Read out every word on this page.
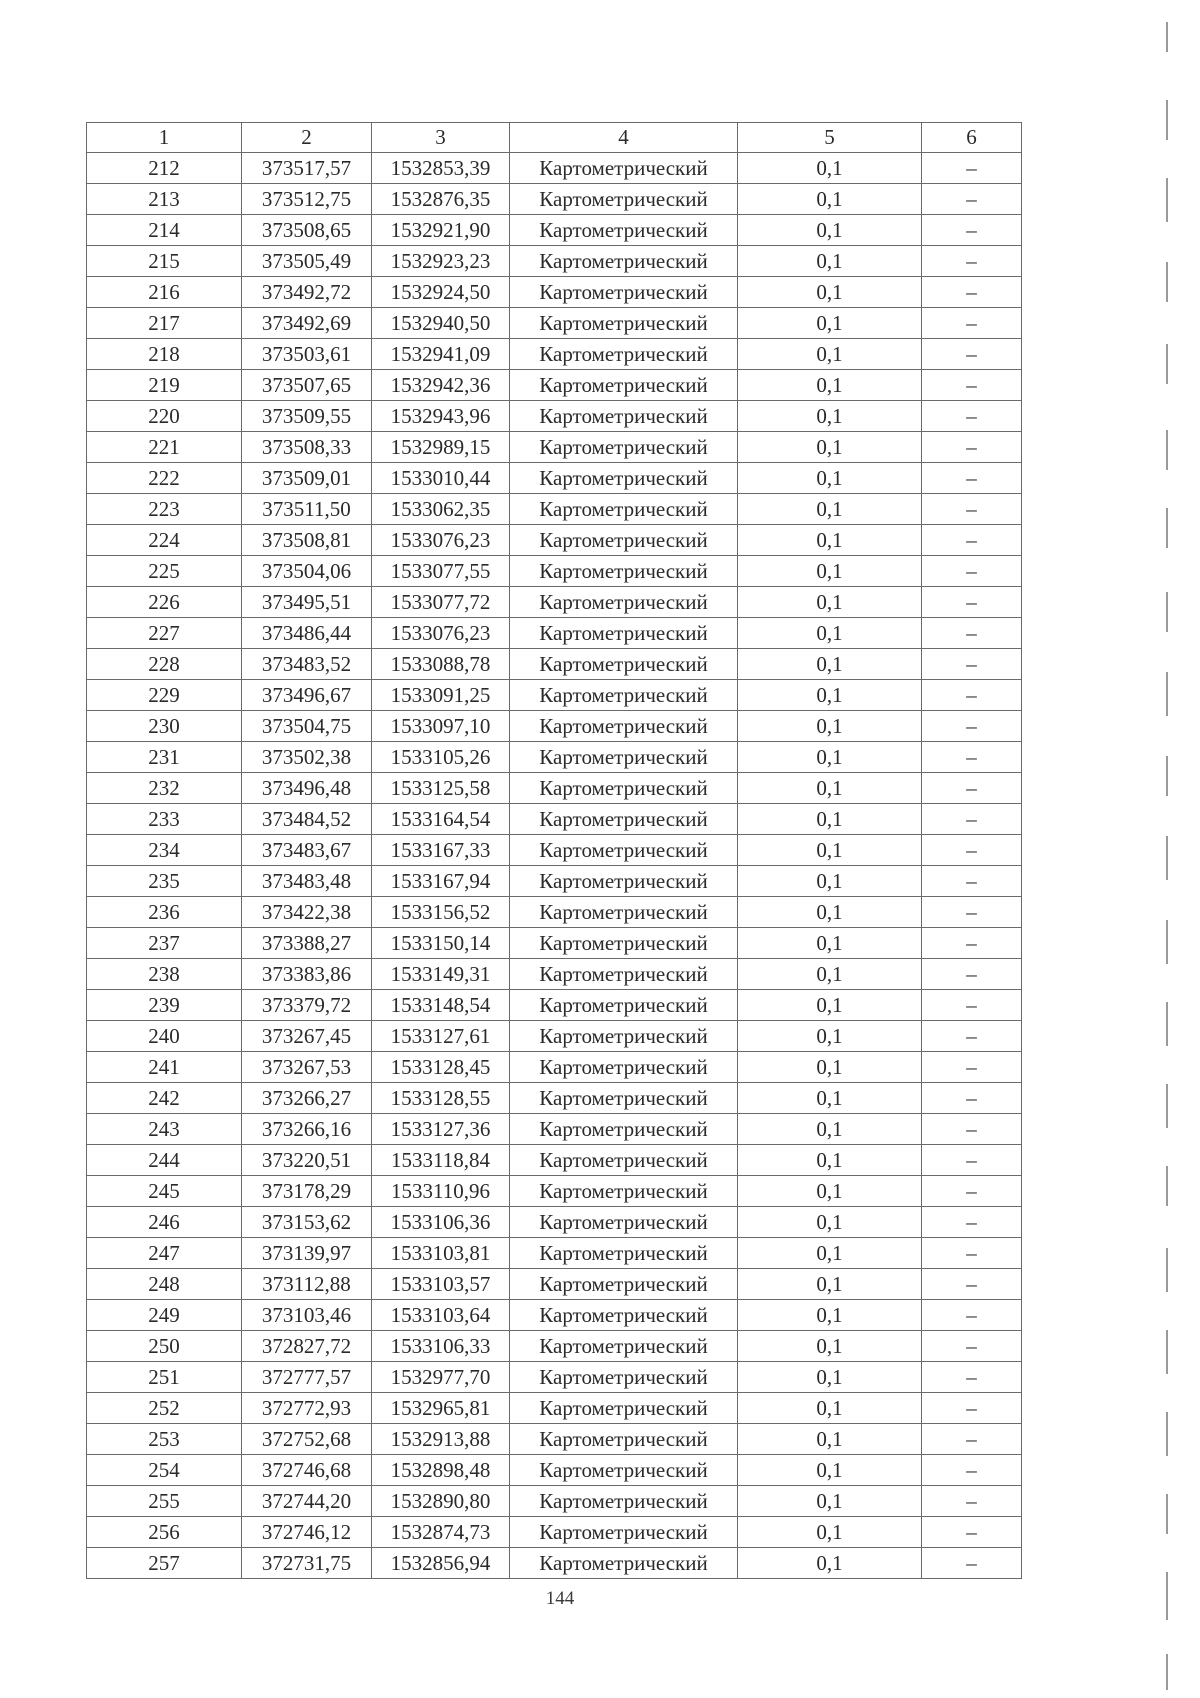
1	2	3	4	5	6
212	373517,57	1532853,39	Картометрический	0,1	–
213	373512,75	1532876,35	Картометрический	0,1	–
214	373508,65	1532921,90	Картометрический	0,1	–
215	373505,49	1532923,23	Картометрический	0,1	–
216	373492,72	1532924,50	Картометрический	0,1	–
217	373492,69	1532940,50	Картометрический	0,1	–
218	373503,61	1532941,09	Картометрический	0,1	–
219	373507,65	1532942,36	Картометрический	0,1	–
220	373509,55	1532943,96	Картометрический	0,1	–
221	373508,33	1532989,15	Картометрический	0,1	–
222	373509,01	1533010,44	Картометрический	0,1	–
223	373511,50	1533062,35	Картометрический	0,1	–
224	373508,81	1533076,23	Картометрический	0,1	–
225	373504,06	1533077,55	Картометрический	0,1	–
226	373495,51	1533077,72	Картометрический	0,1	–
227	373486,44	1533076,23	Картометрический	0,1	–
228	373483,52	1533088,78	Картометрический	0,1	–
229	373496,67	1533091,25	Картометрический	0,1	–
230	373504,75	1533097,10	Картометрический	0,1	–
231	373502,38	1533105,26	Картометрический	0,1	–
232	373496,48	1533125,58	Картометрический	0,1	–
233	373484,52	1533164,54	Картометрический	0,1	–
234	373483,67	1533167,33	Картометрический	0,1	–
235	373483,48	1533167,94	Картометрический	0,1	–
236	373422,38	1533156,52	Картометрический	0,1	–
237	373388,27	1533150,14	Картометрический	0,1	–
238	373383,86	1533149,31	Картометрический	0,1	–
239	373379,72	1533148,54	Картометрический	0,1	–
240	373267,45	1533127,61	Картометрический	0,1	–
241	373267,53	1533128,45	Картометрический	0,1	–
242	373266,27	1533128,55	Картометрический	0,1	–
243	373266,16	1533127,36	Картометрический	0,1	–
244	373220,51	1533118,84	Картометрический	0,1	–
245	373178,29	1533110,96	Картометрический	0,1	–
246	373153,62	1533106,36	Картометрический	0,1	–
247	373139,97	1533103,81	Картометрический	0,1	–
248	373112,88	1533103,57	Картометрический	0,1	–
249	373103,46	1533103,64	Картометрический	0,1	–
250	372827,72	1533106,33	Картометрический	0,1	–
251	372777,57	1532977,70	Картометрический	0,1	–
252	372772,93	1532965,81	Картометрический	0,1	–
253	372752,68	1532913,88	Картометрический	0,1	–
254	372746,68	1532898,48	Картометрический	0,1	–
255	372744,20	1532890,80	Картометрический	0,1	–
256	372746,12	1532874,73	Картометрический	0,1	–
257	372731,75	1532856,94	Картометрический	0,1	–
144
